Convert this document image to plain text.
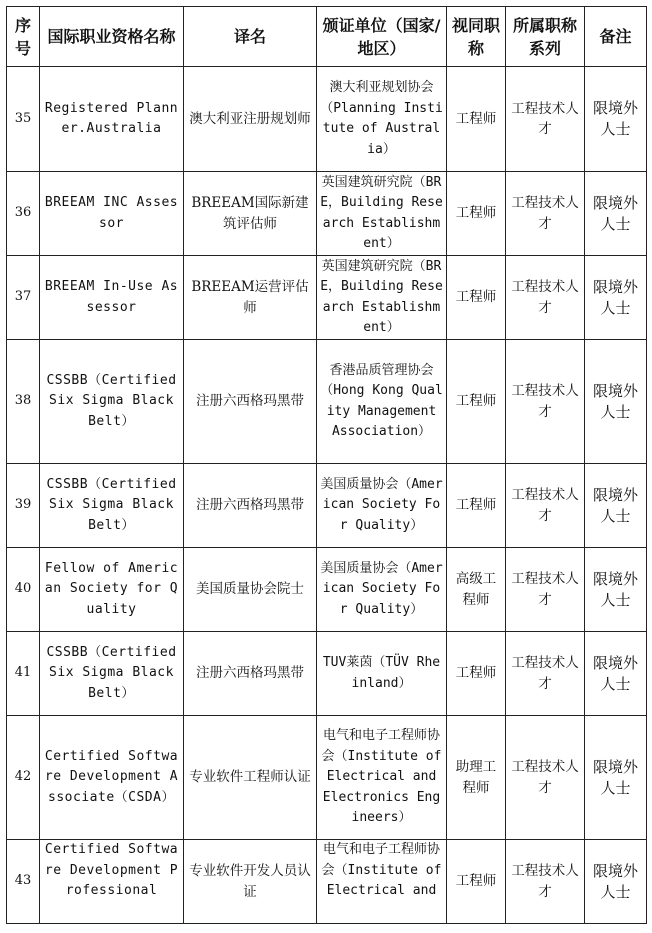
序号	国际职业资格名称	译名	颁证单位（国家/地区）	视同职称	所属职称系列	备注
35	Registered Planner.Australia	澳大利亚注册规划师	澳大利亚规划协会（Planning Institute of Australia）	工程师	工程技术人才	限境外人士
36	BREEAM INC Assessor	BREEAM国际新建筑评估师	英国建筑研究院（BRE，Building Research Establishment）	工程师	工程技术人才	限境外人士
37	BREEAM In-Use Assessor	BREEAM运营评估师	英国建筑研究院（BRE，Building Research Establishment）	工程师	工程技术人才	限境外人士
38	CSSBB（Certified Six Sigma Black Belt）	注册六西格玛黑带	香港品质管理协会（Hong Kong Quality Management Association）	工程师	工程技术人才	限境外人士
39	CSSBB（Certified Six Sigma Black Belt）	注册六西格玛黑带	美国质量协会（American Society For Quality）	工程师	工程技术人才	限境外人士
40	Fellow of American Society for Quality	美国质量协会院士	美国质量协会（American Society For Quality）	高级工程师	工程技术人才	限境外人士
41	CSSBB（Certified Six Sigma Black Belt）	注册六西格玛黑带	TUV莱茵（TÜV Rheinland）	工程师	工程技术人才	限境外人士
42	Certified Software Development Associate（CSDA）	专业软件工程师认证	电气和电子工程师协会（Institute of Electrical and Electronics Engineers）	助理工程师	工程技术人才	限境外人士
43	Certified Software Development Professional	专业软件开发人员认证	电气和电子工程师协会（Institute of Electrical and	工程师	工程技术人才	限境外人士
